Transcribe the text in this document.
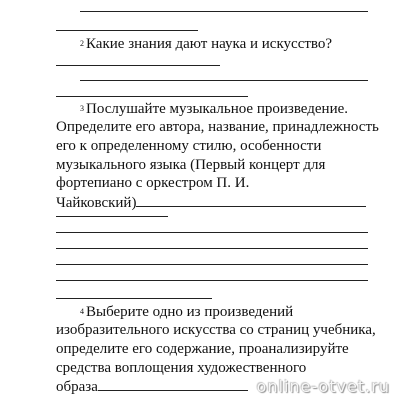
2 Какие знания дают наука и искусство?
3 Послушайте музыкальное произведение.
Определите его автора, название, принадлежность
его к определенному стилю, особенности
музыкального языка (Первый концерт для
фортепиано с оркестром П. И.
Чайковский)
4 Выберите одно из произведений
изобразительного искусства со страниц учебника,
определите его содержание, проанализируйте
средства воплощения художественного
образа	online-otvet.ru
